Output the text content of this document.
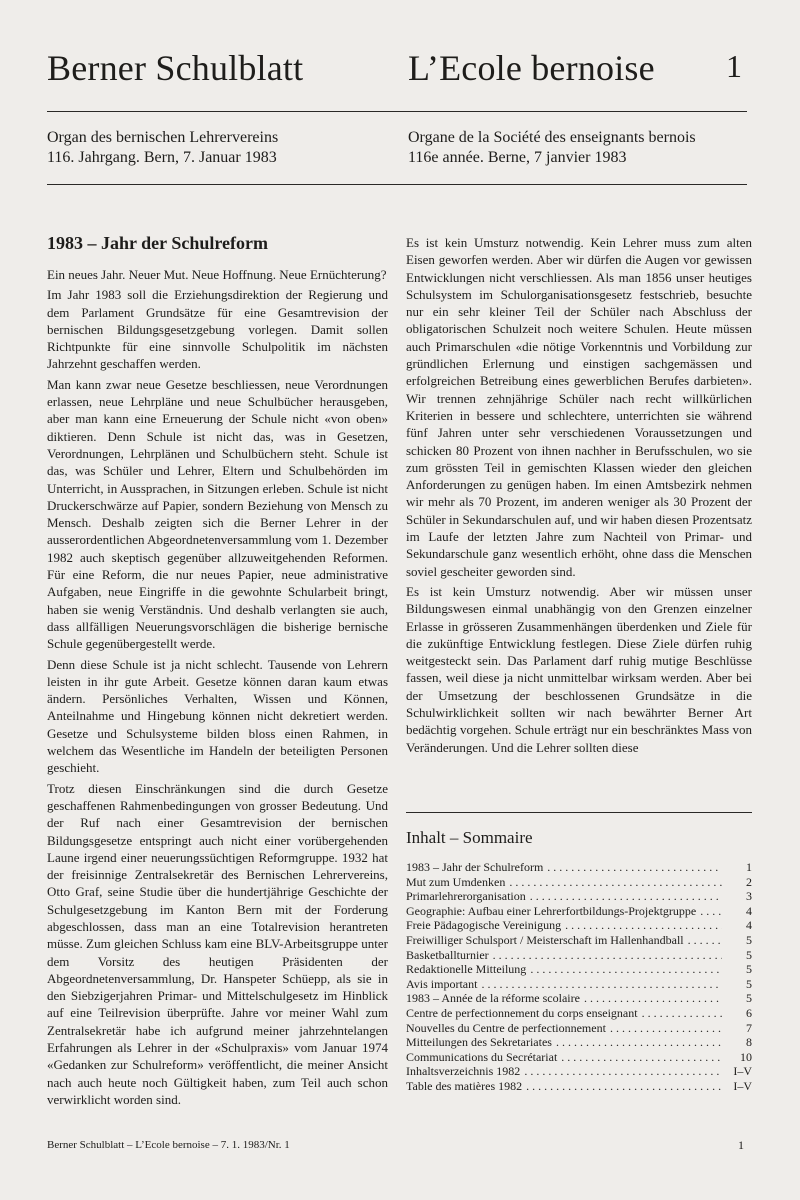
Berner Schulblatt	L’Ecole bernoise 1
Organ des bernischen Lehrervereins
116. Jahrgang. Bern, 7. Januar 1983
Organe de la Société des enseignants bernois
116e année. Berne, 7 janvier 1983
1983 – Jahr der Schulreform

Ein neues Jahr. Neuer Mut. Neue Hoffnung. Neue Ernüchterung?

Im Jahr 1983 soll die Erziehungsdirektion der Regierung und dem Parlament Grundsätze für eine Gesamtrevision der bernischen Bildungsgesetzgebung vorlegen. Damit sollen Richtpunkte für eine sinnvolle Schulpolitik im nächsten Jahrzehnt geschaffen werden.

Man kann zwar neue Gesetze beschliessen, neue Verordnungen erlassen, neue Lehrpläne und neue Schulbücher herausgeben, aber man kann eine Erneuerung der Schule nicht «von oben» diktieren. Denn Schule ist nicht das, was in Gesetzen, Verordnungen, Lehrplänen und Schulbüchern steht. Schule ist das, was Schüler und Lehrer, Eltern und Schulbehörden im Unterricht, in Aussprachen, in Sitzungen erleben. Schule ist nicht Druckerschwärze auf Papier, sondern Beziehung von Mensch zu Mensch. Deshalb zeigten sich die Berner Lehrer in der ausserordentlichen Abgeordnetenversammlung vom 1. Dezember 1982 auch skeptisch gegenüber allzuweitgehenden Reformen. Für eine Reform, die nur neues Papier, neue administrative Aufgaben, neue Eingriffe in die gewohnte Schularbeit bringt, haben sie wenig Verständnis. Und deshalb verlangten sie auch, dass allfälligen Neuerungsvorschlägen die bisherige bernische Schule gegenübergestellt werde.

Denn diese Schule ist ja nicht schlecht. Tausende von Lehrern leisten in ihr gute Arbeit. Gesetze können daran kaum etwas ändern. Persönliches Verhalten, Wissen und Können, Anteilnahme und Hingebung können nicht dekretiert werden. Gesetze und Schulsysteme bilden bloss einen Rahmen, in welchem das Wesentliche im Handeln der beteiligten Personen geschieht.

Trotz diesen Einschränkungen sind die durch Gesetze geschaffenen Rahmenbedingungen von grosser Bedeutung. Und der Ruf nach einer Gesamtrevision der bernischen Bildungsgesetze entspringt auch nicht einer vorübergehenden Laune irgend einer neuerungssüchtigen Reformgruppe. 1932 hat der freisinnige Zentralsekretär des Bernischen Lehrervereins, Otto Graf, seine Studie über die hundertjährige Geschichte der Schulgesetzgebung im Kanton Bern mit der Forderung abgeschlossen, dass man an eine Totalrevision herantreten müsse. Zum gleichen Schluss kam eine BLV-Arbeitsgruppe unter dem Vorsitz des heutigen Präsidenten der Abgeordnetenversammlung, Dr. Hanspeter Schüepp, als sie in den Siebzigerjahren Primar- und Mittelschulgesetz im Hinblick auf eine Teilrevision überprüfte. Jahre vor meiner Wahl zum Zentralsekretär habe ich aufgrund meiner jahrzehntelangen Erfahrungen als Lehrer in der «Schulpraxis» vom Januar 1974 «Gedanken zur Schulreform» veröffentlicht, die meiner Ansicht nach auch heute noch Gültigkeit haben, zum Teil auch schon verwirklicht worden sind.

Es ist kein Umsturz notwendig. Kein Lehrer muss zum alten Eisen geworfen werden. Aber wir dürfen die Augen vor gewissen Entwicklungen nicht verschliessen. Als man 1856 unser heutiges Schulsystem im Schulorganisationsgesetz festschrieb, besuchte nur ein sehr kleiner Teil der Schüler nach Abschluss der obligatorischen Schulzeit noch weitere Schulen. Heute müssen auch Primarschulen «die nötige Vorkenntnis und Vorbildung zur gründlichen Erlernung und einstigen sachgemässen und erfolgreichen Betreibung eines gewerblichen Berufes darbieten». Wir trennen zehnjährige Schüler nach recht willkürlichen Kriterien in bessere und schlechtere, unterrichten sie während fünf Jahren unter sehr verschiedenen Voraussetzungen und schicken 80 Prozent von ihnen nachher in Berufsschulen, wo sie zum grössten Teil in gemischten Klassen wieder den gleichen Anforderungen zu genügen haben. Im einen Amtsbezirk nehmen wir mehr als 70 Prozent, im anderen weniger als 30 Prozent der Schüler in Sekundarschulen auf, und wir haben diesen Prozentsatz im Laufe der letzten Jahre zum Nachteil von Primar- und Sekundarschule ganz wesentlich erhöht, ohne dass die Menschen soviel gescheiter geworden sind.

Es ist kein Umsturz notwendig. Aber wir müssen unser Bildungswesen einmal unabhängig von den Grenzen einzelner Erlasse in grösseren Zusammenhängen überdenken und Ziele für die zukünftige Entwicklung festlegen. Diese Ziele dürfen ruhig weitgesteckt sein. Das Parlament darf ruhig mutige Beschlüsse fassen, weil diese ja nicht unmittelbar wirksam werden. Aber bei der Umsetzung der beschlossenen Grundsätze in die Schulwirklichkeit sollten wir nach bewährter Berner Art bedächtig vorgehen. Schule erträgt nur ein beschränktes Mass von Veränderungen. Und die Lehrer sollten diese

Inhalt – Sommaire
1983 – Jahr der Schulreform . . .	1
Mut zum Umdenken . . .	2
Primarlehrerorganisation . . .	3
Geographie: Aufbau einer Lehrerfortbildungs-Projektgruppe . . .	4
Freie Pädagogische Vereinigung . . .	4
Freiwilliger Schulsport / Meisterschaft im Hallenhandball . . .	5
Basketballturnier . . .	5
Redaktionelle Mitteilung . . .	5
Avis important . . .	5
1983 – Année de la réforme scolaire . . .	5
Centre de perfectionnement du corps enseignant . . .	6
Nouvelles du Centre de perfectionnement . . .	7
Mitteilungen des Sekretariates . . .	8
Communications du Secrétariat . . .	10
Inhaltsverzeichnis 1982 . . .	I–V
Table des matières 1982 . . .	I–V
Berner Schulblatt – L’Ecole bernoise – 7. 1. 1983/Nr. 1	1
